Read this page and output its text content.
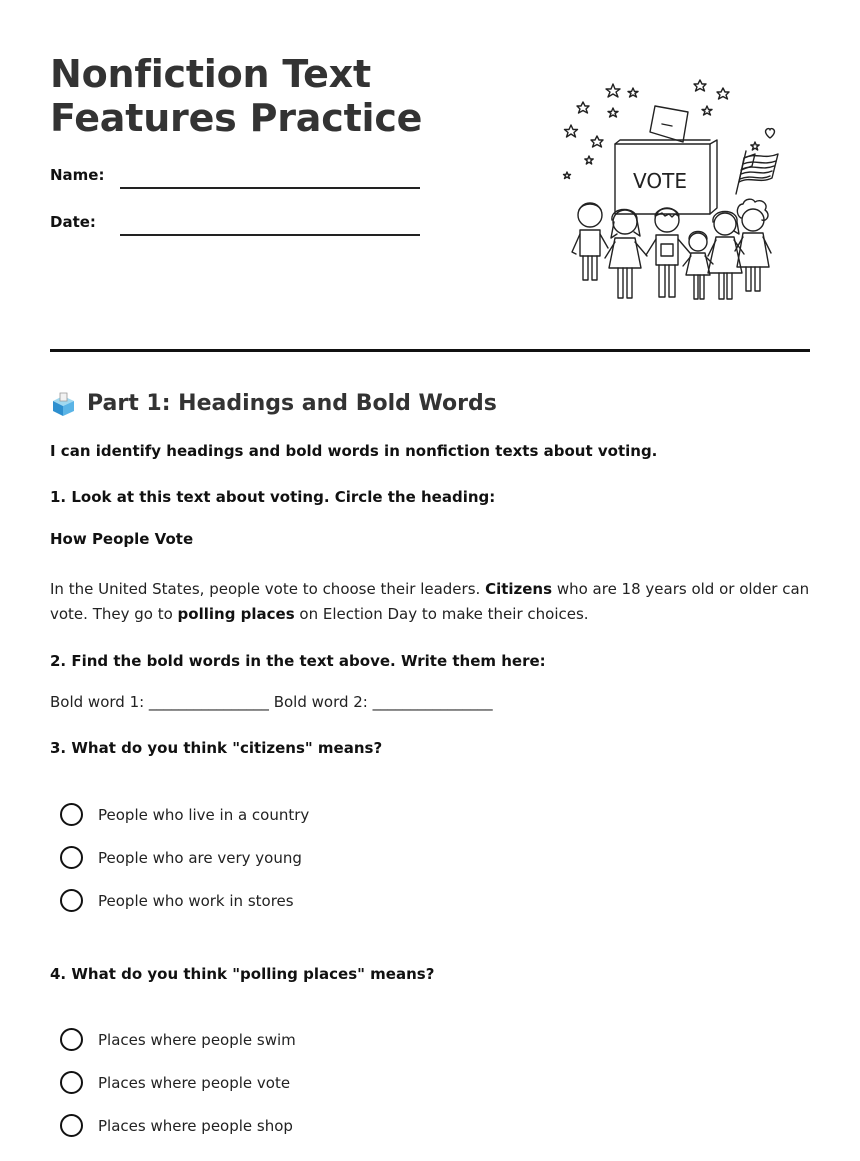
Nonfiction Text
Features Practice
Name:
Date:
VOTE
Part 1: Headings and Bold Words
I can identify headings and bold words in nonfiction texts about voting.
1. Look at this text about voting. Circle the heading:
How People Vote
In the United States, people vote to choose their leaders. Citizens who are 18 years old or older can vote. They go to polling places on Election Day to make their choices.
2. Find the bold words in the text above. Write them here:
Bold word 1: ________________ Bold word 2: ________________
3. What do you think "citizens" means?
People who live in a country
People who are very young
People who work in stores
4. What do you think "polling places" means?
Places where people swim
Places where people vote
Places where people shop
